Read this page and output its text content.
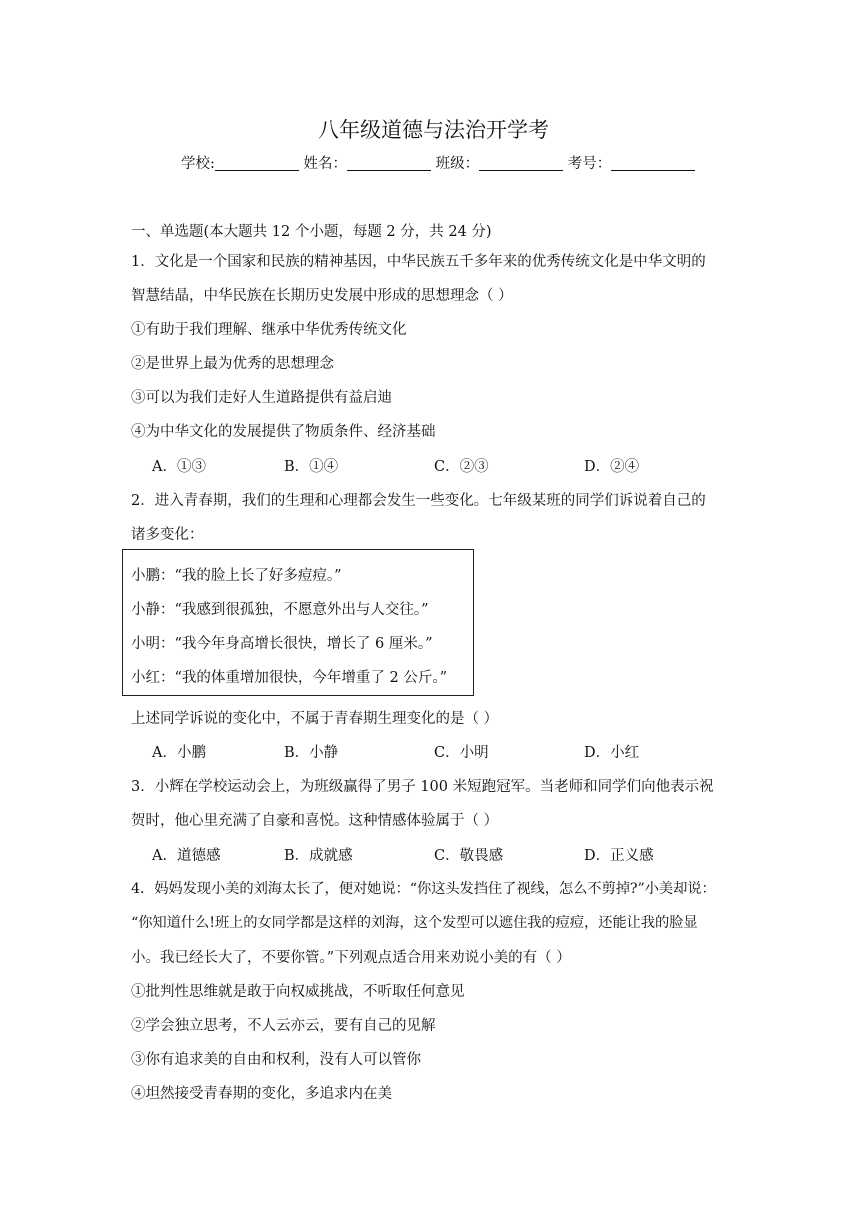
八年级道德与法治开学考
学校:	姓名：	班级：	考号：
一、单选题(本大题共 12 个小题，每题 2 分，共 24 分)
1．文化是一个国家和民族的精神基因，中华民族五千多年来的优秀传统文化是中华文明的
智慧结晶，中华民族在长期历史发展中形成的思想理念（ ）
①有助于我们理解、继承中华优秀传统文化
②是世界上最为优秀的思想理念
③可以为我们走好人生道路提供有益启迪
④为中华文化的发展提供了物质条件、经济基础
A．①③	B．①④	C．②③	D．②④
2．进入青春期，我们的生理和心理都会发生一些变化。七年级某班的同学们诉说着自己的
诸多变化：
小鹏：“我的脸上长了好多痘痘。”
小静：“我感到很孤独，不愿意外出与人交往。”
小明：“我今年身高增长很快，增长了 6 厘米。”
小红：“我的体重增加很快，今年增重了 2 公斤。”
上述同学诉说的变化中，不属于青春期生理变化的是（ ）
A．小鹏	B．小静	C．小明	D．小红
3．小辉在学校运动会上，为班级赢得了男子 100 米短跑冠军。当老师和同学们向他表示祝
贺时，他心里充满了自豪和喜悦。这种情感体验属于（ ）
A．道德感	B．成就感	C．敬畏感	D．正义感
4．妈妈发现小美的刘海太长了，便对她说：“你这头发挡住了视线，怎么不剪掉?”小美却说：
“你知道什么!班上的女同学都是这样的刘海，这个发型可以遮住我的痘痘，还能让我的脸显
小。我已经长大了，不要你管。”下列观点适合用来劝说小美的有（ ）
①批判性思维就是敢于向权威挑战，不听取任何意见
②学会独立思考，不人云亦云，要有自己的见解
③你有追求美的自由和权利，没有人可以管你
④坦然接受青春期的变化，多追求内在美
